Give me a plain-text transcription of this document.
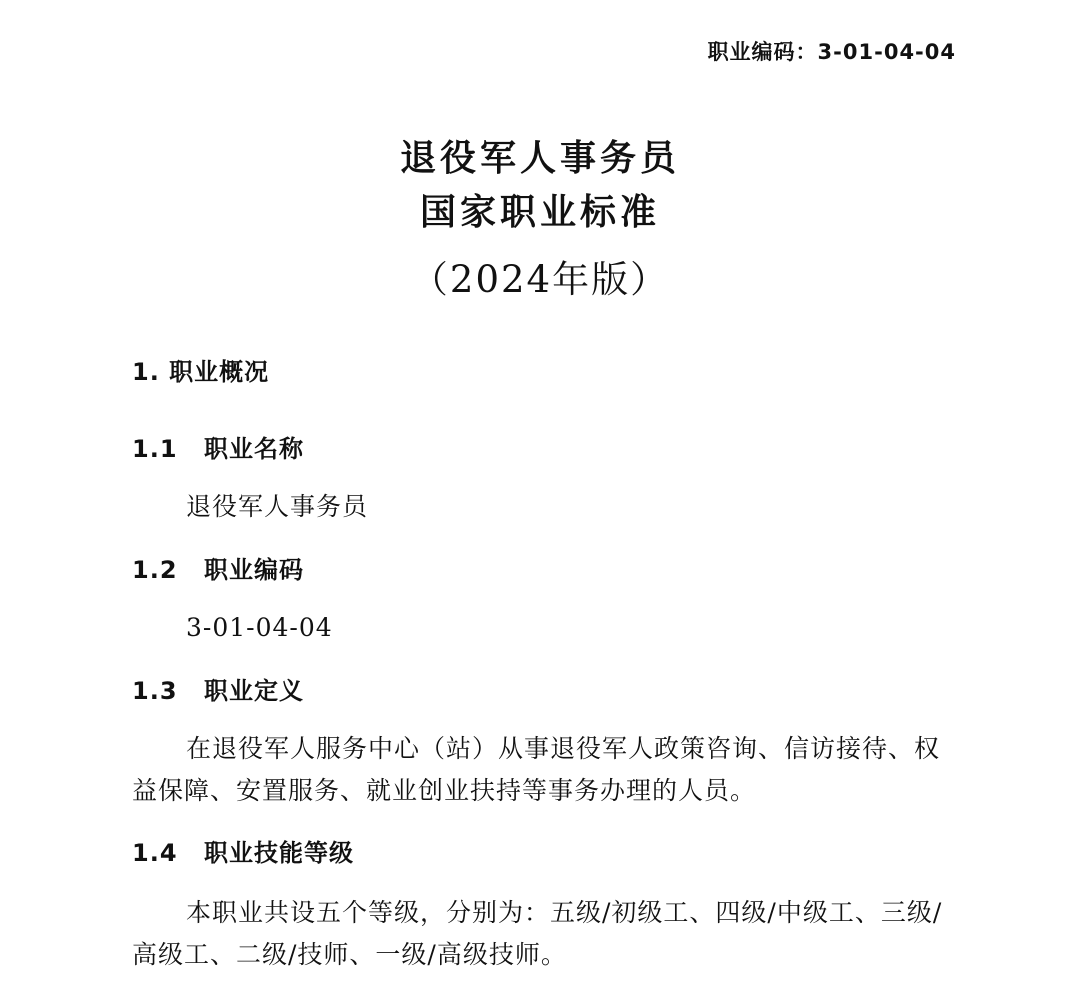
职业编码：3-01-04-04
退役军人事务员
国家职业标准
（2024年版）
1. 职业概况
1.1 职业名称
退役军人事务员
1.2 职业编码
3-01-04-04
1.3 职业定义
在退役军人服务中心（站）从事退役军人政策咨询、信访接待、权益保障、安置服务、就业创业扶持等事务办理的人员。
1.4 职业技能等级
本职业共设五个等级，分别为：五级/初级工、四级/中级工、三级/高级工、二级/技师、一级/高级技师。
